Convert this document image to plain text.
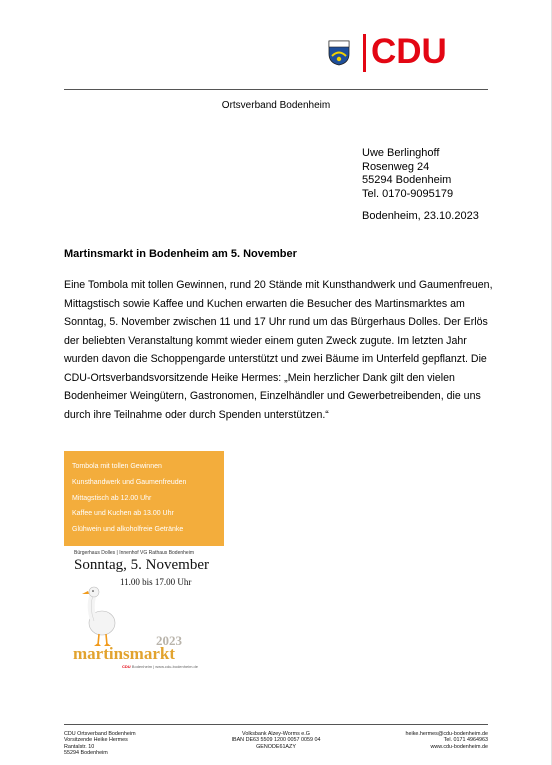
CDU
Ortsverband Bodenheim
Uwe Berlinghoff
Rosenweg 24
55294 Bodenheim
Tel. 0170-9095179
Bodenheim, 23.10.2023
Martinsmarkt in Bodenheim am 5. November

Eine Tombola mit tollen Gewinnen, rund 20 Stände mit Kunsthandwerk und Gaumenfreuen, Mittagstisch sowie Kaffee und Kuchen erwarten die Besucher des Martinsmarktes am Sonntag, 5. November zwischen 11 und 17 Uhr rund um das Bürgerhaus Dolles. Der Erlös der beliebten Veranstaltung kommt wieder einem guten Zweck zugute. Im letzten Jahr wurden davon die Schoppengarde unterstützt und zwei Bäume im Unterfeld gepflanzt. Die CDU-Ortsverbandsvorsitzende Heike Hermes: „Mein herzlicher Dank gilt den vielen Bodenheimer Weingütern, Gastronomen, Einzelhändler und Gewerbetreibenden, die uns durch ihre Teilnahme oder durch Spenden unterstützen.“

Tombola mit tollen Gewinnen
Kunsthandwerk und Gaumenfreuden
Mittagstisch ab 12.00 Uhr
Kaffee und Kuchen ab 13.00 Uhr
Glühwein und alkoholfreie Getränke
Bürgerhaus Dolles | Innenhof VG Rathaus Bodenheim
Sonntag, 5. November
11.00 bis 17.00 Uhr
2023
martinsmarkt
CDU Bodenheim | www.cdu-bodenheim.de
CDU Ortsverband Bodenheim
Vorsitzende Heike Hermes
Rantalstr. 10
55294 Bodenheim
Volksbank Alzey-Worms e.G
IBAN DE63 5509 1200 0057 0059 04
GENODE61AZY
heike.hermes@cdu-bodenheim.de
Tel. 0171 4964963
www.cdu-bodenheim.de
